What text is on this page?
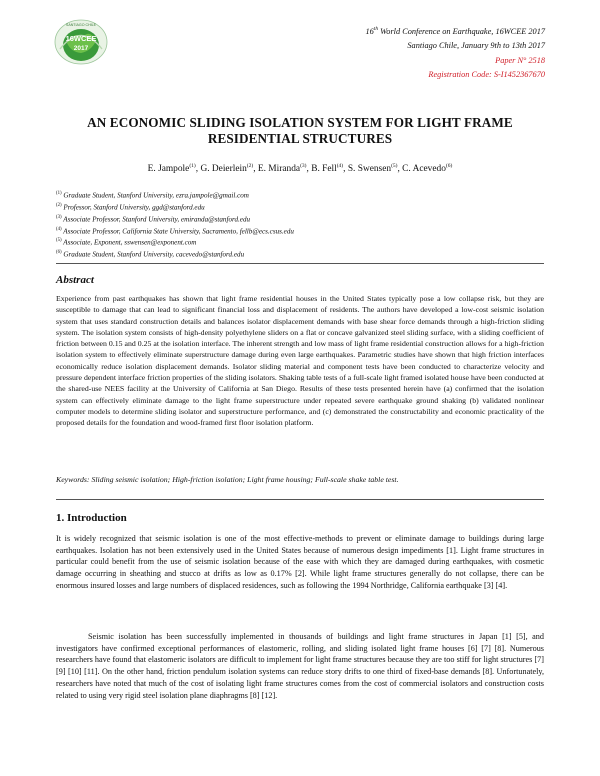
SANTIAGO CHILE
16WCEE
2017
16th World Conference on Earthquake, 16WCEE 2017
Santiago Chile, January 9th to 13th 2017
Paper N° 2518
Registration Code: S-I1452367670
AN ECONOMIC SLIDING ISOLATION SYSTEM FOR LIGHT FRAME
RESIDENTIAL STRUCTURES
E. Jampole$^{(1)}$, G. Deierlein$^{(2)}$, E. Miranda$^{(3)}$, B. Fell$^{(4)}$, S. Swensen$^{(5)}$, C. Acevedo$^{(6)}$
$^{(1)}$ Graduate Student, Stanford University, ezra.jampole@gmail.com
$^{(2)}$ Professor, Stanford University, ggd@stanford.edu
$^{(3)}$ Associate Professor, Stanford University, emiranda@stanford.edu
$^{(4)}$ Associate Professor, California State University, Sacramento, fellb@ecs.csus.edu
$^{(5)}$ Associate, Exponent, sswensen@exponent.com
$^{(6)}$ Graduate Student, Stanford University, cacevedo@stanford.edu
Abstract
Experience from past earthquakes has shown that light frame residential houses in the United States typically pose a low collapse risk, but they are susceptible to damage that can lead to significant financial loss and displacement of residents. The authors have developed a low-cost seismic isolation system that uses standard construction details and balances isolator displacement demands with base shear force demands through a high-friction sliding system. The isolation system consists of high-density polyethylene sliders on a flat or concave galvanized steel sliding surface, with a sliding coefficient of friction between 0.15 and 0.25 at the isolation interface. The inherent strength and low mass of light frame residential construction allows for a high-friction isolation system to effectively eliminate superstructure damage during even large earthquakes. Parametric studies have shown that high friction interfaces economically reduce isolation displacement demands. Isolator sliding material and component tests have been conducted to characterize velocity and pressure dependent interface friction properties of the sliding isolators. Shaking table tests of a full-scale light framed isolated house have been conducted at the shared-use NEES facility at the University of California at San Diego. Results of these tests presented herein have (a) confirmed that the isolation system can effectively eliminate damage to the light frame superstructure under repeated severe earthquake ground shaking (b) validated nonlinear computer models to determine sliding isolator and superstructure performance, and (c) demonstrated the constructability and economic practicality of the proposed details for the foundation and wood-framed first floor isolation platform.
Keywords: Sliding seismic isolation; High-friction isolation; Light frame housing; Full-scale shake table test.
1. Introduction
It is widely recognized that seismic isolation is one of the most effective-methods to prevent or eliminate damage to buildings during large earthquakes. Isolation has not been extensively used in the United States because of numerous design impediments [1]. Light frame structures in particular could benefit from the use of seismic isolation because of the ease with which they are damaged during earthquakes, with cosmetic damage occurring in sheathing and stucco at drifts as low as 0.17% [2]. While light frame structures generally do not collapse, there can be enormous insured losses and large numbers of displaced residences, such as following the 1994 Northridge, California earthquake [3] [4].
Seismic isolation has been successfully implemented in thousands of buildings and light frame structures in Japan [1] [5], and investigators have confirmed exceptional performances of elastomeric, rolling, and sliding isolated light frame houses [6] [7] [8]. Numerous researchers have found that elastomeric isolators are difficult to implement for light frame structures because they are too stiff for light structures [7] [9] [10] [11]. On the other hand, friction pendulum isolation systems can reduce story drifts to one third of fixed-base demands [8]. Unfortunately, researchers have noted that much of the cost of isolating light frame structures comes from the cost of commercial isolators and construction costs related to using very rigid steel isolation plane diaphragms [8] [12].
